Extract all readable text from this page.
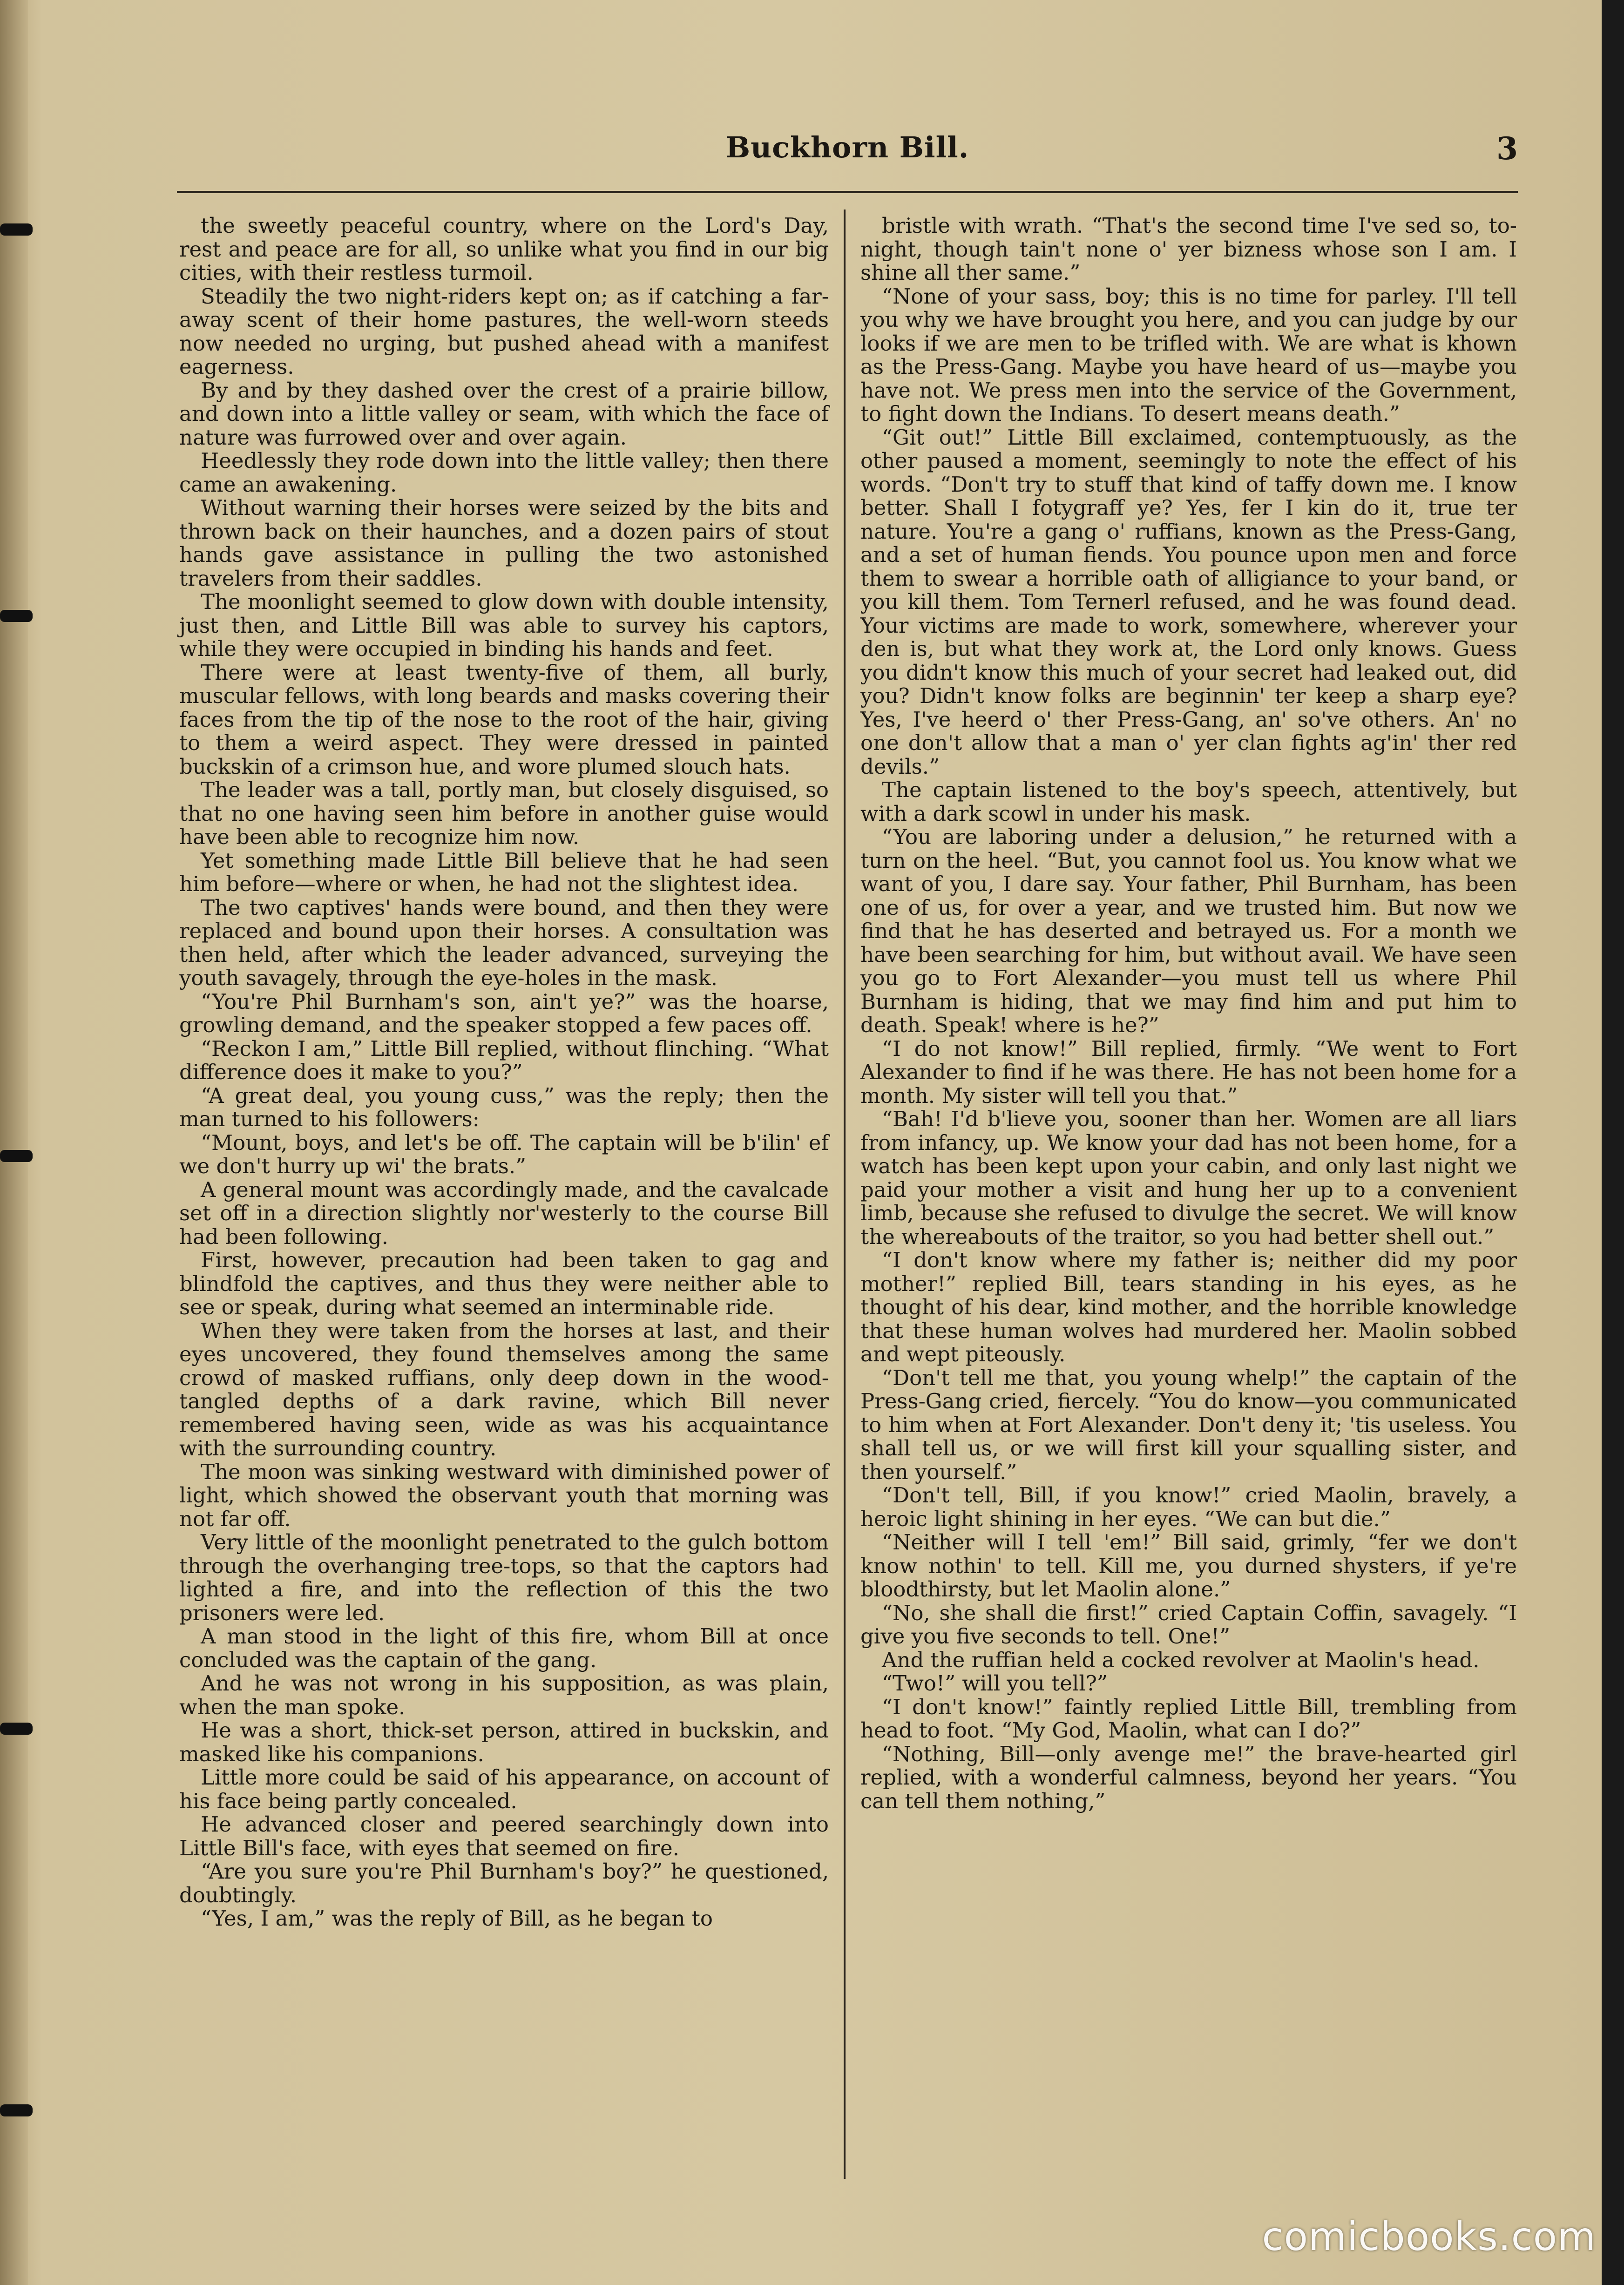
Buckhorn Bill.	3

the sweetly peaceful country, where on the Lord's Day, rest and peace are for all, so unlike what you find in our big cities, with their restless turmoil.

Steadily the two night-riders kept on; as if catching a far-away scent of their home pastures, the well-worn steeds now needed no urging, but pushed ahead with a manifest eagerness.

By and by they dashed over the crest of a prairie billow, and down into a little valley or seam, with which the face of nature was furrowed over and over again.

Heedlessly they rode down into the little valley; then there came an awakening.

Without warning their horses were seized by the bits and thrown back on their haunches, and a dozen pairs of stout hands gave assistance in pulling the two astonished travelers from their saddles.

The moonlight seemed to glow down with double intensity, just then, and Little Bill was able to survey his captors, while they were occupied in binding his hands and feet.

There were at least twenty-five of them, all burly, muscular fellows, with long beards and masks covering their faces from the tip of the nose to the root of the hair, giving to them a weird aspect. They were dressed in painted buckskin of a crimson hue, and wore plumed slouch hats.

The leader was a tall, portly man, but closely disguised, so that no one having seen him before in another guise would have been able to recognize him now.

Yet something made Little Bill believe that he had seen him before—where or when, he had not the slightest idea.

The two captives' hands were bound, and then they were replaced and bound upon their horses. A consultation was then held, after which the leader advanced, surveying the youth savagely, through the eye-holes in the mask.

“You're Phil Burnham's son, ain't ye?” was the hoarse, growling demand, and the speaker stopped a few paces off.

“Reckon I am,” Little Bill replied, without flinching. “What difference does it make to you?”

“A great deal, you young cuss,” was the reply; then the man turned to his followers:

“Mount, boys, and let's be off. The captain will be b'ilin' ef we don't hurry up wi' the brats.”

A general mount was accordingly made, and the cavalcade set off in a direction slightly nor'westerly to the course Bill had been following.

First, however, precaution had been taken to gag and blindfold the captives, and thus they were neither able to see or speak, during what seemed an interminable ride.

When they were taken from the horses at last, and their eyes uncovered, they found themselves among the same crowd of masked ruffians, only deep down in the wood-tangled depths of a dark ravine, which Bill never remembered having seen, wide as was his acquaintance with the surrounding country.

The moon was sinking westward with diminished power of light, which showed the observant youth that morning was not far off.

Very little of the moonlight penetrated to the gulch bottom through the overhanging tree-tops, so that the captors had lighted a fire, and into the reflection of this the two prisoners were led.

A man stood in the light of this fire, whom Bill at once concluded was the captain of the gang.

And he was not wrong in his supposition, as was plain, when the man spoke.

He was a short, thick-set person, attired in buckskin, and masked like his companions.

Little more could be said of his appearance, on account of his face being partly concealed.

He advanced closer and peered searchingly down into Little Bill's face, with eyes that seemed on fire.

“Are you sure you're Phil Burnham's boy?” he questioned, doubtingly.

“Yes, I am,” was the reply of Bill, as he began to

bristle with wrath. “That's the second time I've sed so, to-night, though tain't none o' yer bizness whose son I am. I shine all ther same.”

“None of your sass, boy; this is no time for parley. I'll tell you why we have brought you here, and you can judge by our looks if we are men to be trifled with. We are what is khown as the Press-Gang. Maybe you have heard of us—maybe you have not. We press men into the service of the Government, to fight down the Indians. To desert means death.”

“Git out!” Little Bill exclaimed, contemptuously, as the other paused a moment, seemingly to note the effect of his words. “Don't try to stuff that kind of taffy down me. I know better. Shall I fotygraff ye? Yes, fer I kin do it, true ter nature. You're a gang o' ruffians, known as the Press-Gang, and a set of human fiends. You pounce upon men and force them to swear a horrible oath of alligiance to your band, or you kill them. Tom Ternerl refused, and he was found dead. Your victims are made to work, somewhere, wherever your den is, but what they work at, the Lord only knows. Guess you didn't know this much of your secret had leaked out, did you? Didn't know folks are beginnin' ter keep a sharp eye? Yes, I've heerd o' ther Press-Gang, an' so've others. An' no one don't allow that a man o' yer clan fights ag'in' ther red devils.”

The captain listened to the boy's speech, attentively, but with a dark scowl in under his mask.

“You are laboring under a delusion,” he returned with a turn on the heel. “But, you cannot fool us. You know what we want of you, I dare say. Your father, Phil Burnham, has been one of us, for over a year, and we trusted him. But now we find that he has deserted and betrayed us. For a month we have been searching for him, but without avail. We have seen you go to Fort Alexander—you must tell us where Phil Burnham is hiding, that we may find him and put him to death. Speak! where is he?”

“I do not know!” Bill replied, firmly. “We went to Fort Alexander to find if he was there. He has not been home for a month. My sister will tell you that.”

“Bah! I'd b'lieve you, sooner than her. Women are all liars from infancy, up. We know your dad has not been home, for a watch has been kept upon your cabin, and only last night we paid your mother a visit and hung her up to a convenient limb, because she refused to divulge the secret. We will know the whereabouts of the traitor, so you had better shell out.”

“I don't know where my father is; neither did my poor mother!” replied Bill, tears standing in his eyes, as he thought of his dear, kind mother, and the horrible knowledge that these human wolves had murdered her. Maolin sobbed and wept piteously.

“Don't tell me that, you young whelp!” the captain of the Press-Gang cried, fiercely. “You do know—you communicated to him when at Fort Alexander. Don't deny it; 'tis useless. You shall tell us, or we will first kill your squalling sister, and then yourself.”

“Don't tell, Bill, if you know!” cried Maolin, bravely, a heroic light shining in her eyes. “We can but die.”

“Neither will I tell 'em!” Bill said, grimly, “fer we don't know nothin' to tell. Kill me, you durned shysters, if ye're bloodthirsty, but let Maolin alone.”

“No, she shall die first!” cried Captain Coffin, savagely. “I give you five seconds to tell. One!”

And the ruffian held a cocked revolver at Maolin's head.

“Two!” will you tell?”

“I don't know!” faintly replied Little Bill, trembling from head to foot. “My God, Maolin, what can I do?”

“Nothing, Bill—only avenge me!” the brave-hearted girl replied, with a wonderful calmness, beyond her years. “You can tell them nothing,”

comicbooks.com
